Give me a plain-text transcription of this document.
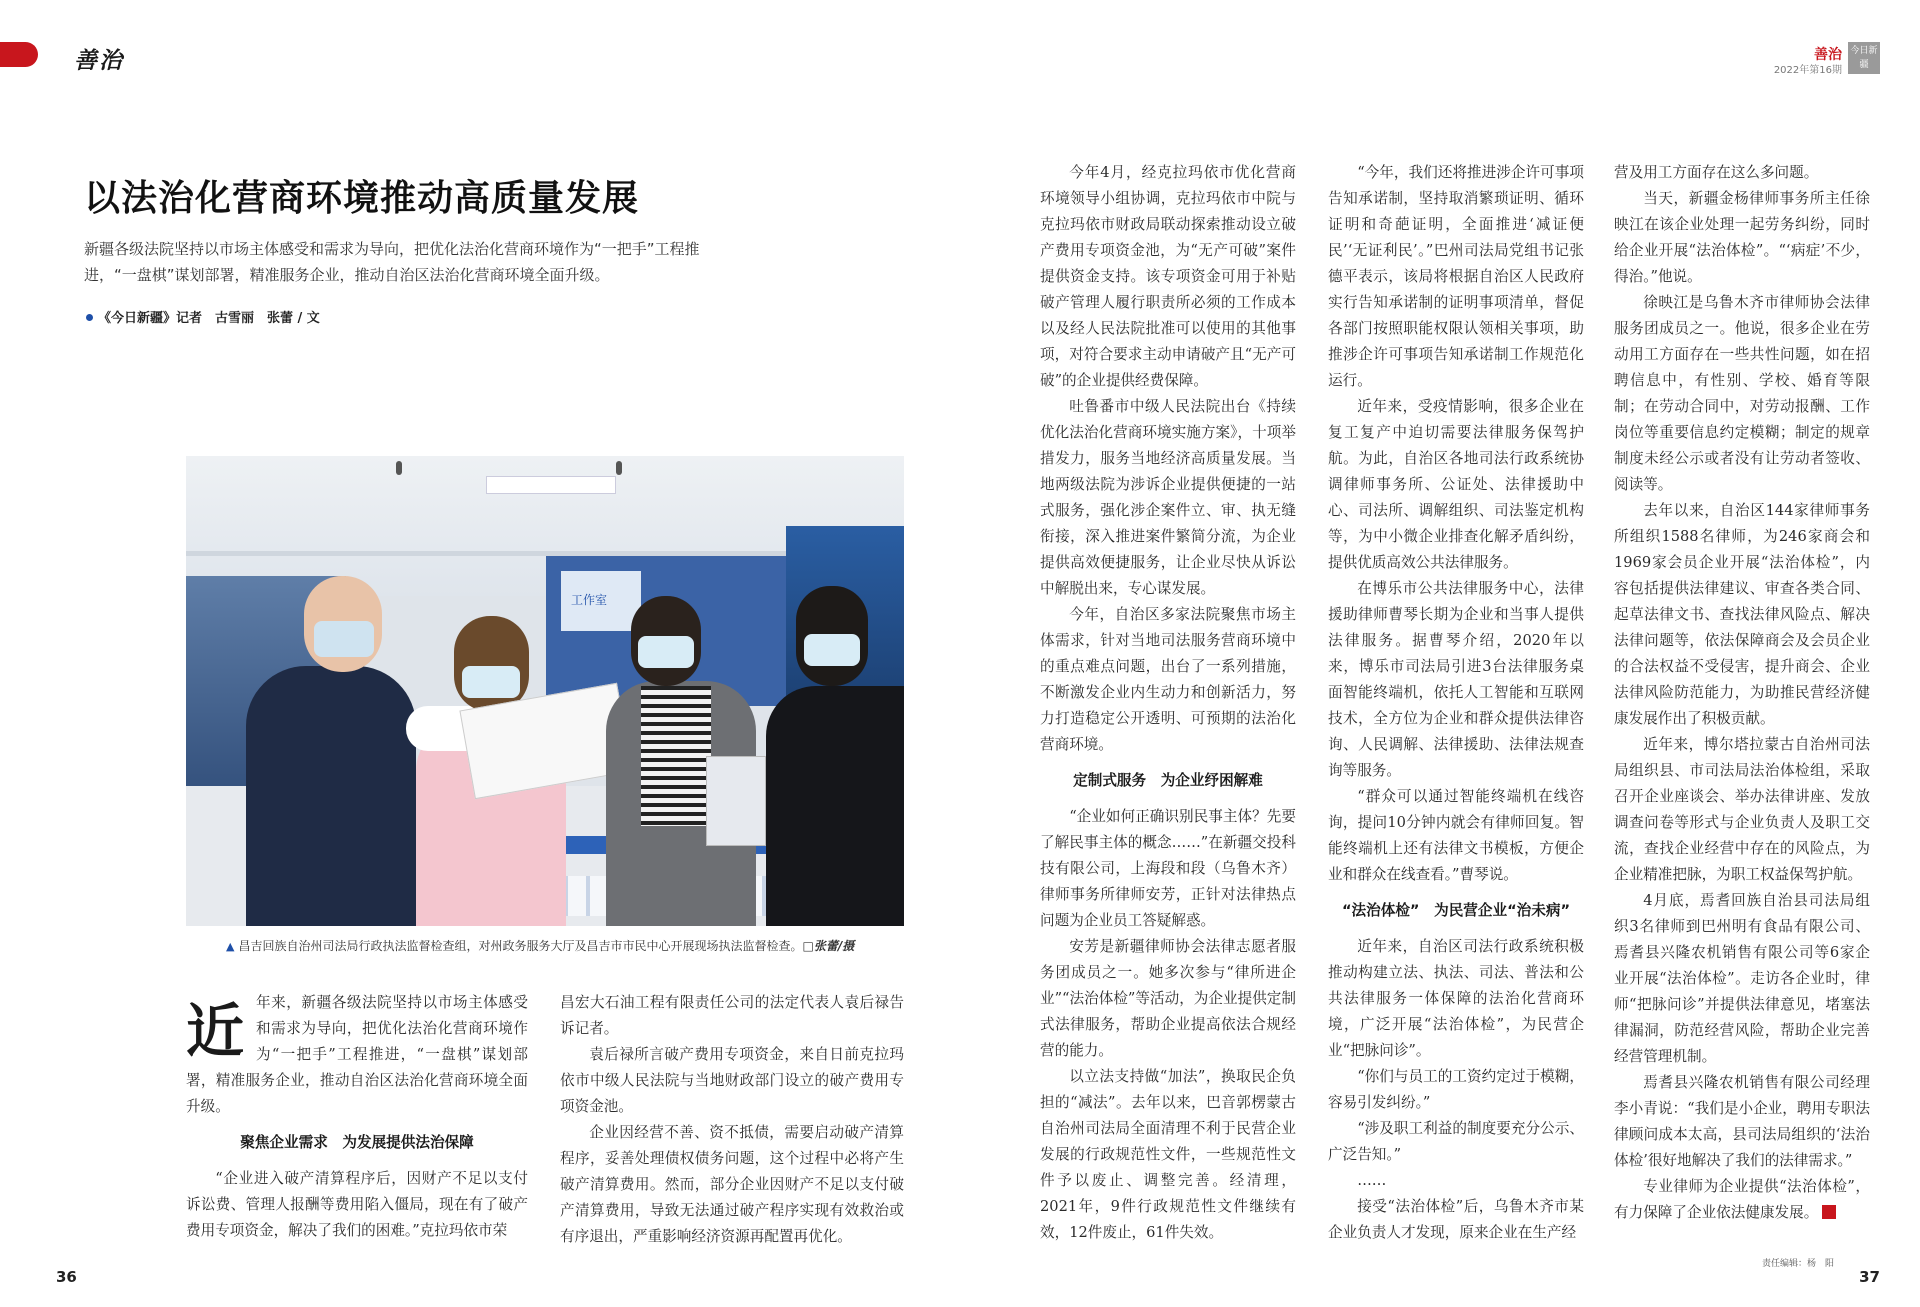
善治	善治
2022年第16期
今日新疆
以法治化营商环境推动高质量发展
新疆各级法院坚持以市场主体感受和需求为导向，把优化法治化营商环境作为“一把手”工程推进，“一盘棋”谋划部署，精准服务企业，推动自治区法治化营商环境全面升级。
《今日新疆》记者　古雪丽　张蕾 / 文
工作室
▲ 昌吉回族自治州司法局行政执法监督检查组，对州政务服务大厅及昌吉市市民中心开展现场执法监督检查。□张蕾/摄

近年来，新疆各级法院坚持以市场主体感受和需求为导向，把优化法治化营商环境作为“一把手”工程推进，“一盘棋”谋划部署，精准服务企业，推动自治区法治化营商环境全面升级。

聚焦企业需求　为发展提供法治保障

“企业进入破产清算程序后，因财产不足以支付诉讼费、管理人报酬等费用陷入僵局，现在有了破产费用专项资金，解决了我们的困难。”克拉玛依市荣

昌宏大石油工程有限责任公司的法定代表人袁后禄告诉记者。

袁后禄所言破产费用专项资金，来自日前克拉玛依市中级人民法院与当地财政部门设立的破产费用专项资金池。

企业因经营不善、资不抵债，需要启动破产清算程序，妥善处理债权债务问题，这个过程中必将产生破产清算费用。然而，部分企业因财产不足以支付破产清算费用，导致无法通过破产程序实现有效救治或有序退出，严重影响经济资源再配置再优化。

今年4月，经克拉玛依市优化营商环境领导小组协调，克拉玛依市中院与克拉玛依市财政局联动探索推动设立破产费用专项资金池，为“无产可破”案件提供资金支持。该专项资金可用于补贴破产管理人履行职责所必须的工作成本以及经人民法院批准可以使用的其他事项，对符合要求主动申请破产且“无产可破”的企业提供经费保障。

吐鲁番市中级人民法院出台《持续优化法治化营商环境实施方案》，十项举措发力，服务当地经济高质量发展。当地两级法院为涉诉企业提供便捷的一站式服务，强化涉企案件立、审、执无缝衔接，深入推进案件繁简分流，为企业提供高效便捷服务，让企业尽快从诉讼中解脱出来，专心谋发展。

今年，自治区多家法院聚焦市场主体需求，针对当地司法服务营商环境中的重点难点问题，出台了一系列措施，不断激发企业内生动力和创新活力，努力打造稳定公开透明、可预期的法治化营商环境。

定制式服务　为企业纾困解难

“企业如何正确识别民事主体？先要了解民事主体的概念……”在新疆交投科技有限公司，上海段和段（乌鲁木齐）律师事务所律师安芳，正针对法律热点问题为企业员工答疑解惑。

安芳是新疆律师协会法律志愿者服务团成员之一。她多次参与“律所进企业”“法治体检”等活动，为企业提供定制式法律服务，帮助企业提高依法合规经营的能力。

以立法支持做“加法”，换取民企负担的“减法”。去年以来，巴音郭楞蒙古自治州司法局全面清理不利于民营企业发展的行政规范性文件，一些规范性文件予以废止、调整完善。经清理，2021年，9件行政规范性文件继续有效，12件废止，61件失效。

“今年，我们还将推进涉企许可事项告知承诺制，坚持取消繁琐证明、循环证明和奇葩证明，全面推进‘减证便民’‘无证利民’。”巴州司法局党组书记张德平表示，该局将根据自治区人民政府实行告知承诺制的证明事项清单，督促各部门按照职能权限认领相关事项，助推涉企许可事项告知承诺制工作规范化运行。

近年来，受疫情影响，很多企业在复工复产中迫切需要法律服务保驾护航。为此，自治区各地司法行政系统协调律师事务所、公证处、法律援助中心、司法所、调解组织、司法鉴定机构等，为中小微企业排查化解矛盾纠纷，提供优质高效公共法律服务。

在博乐市公共法律服务中心，法律援助律师曹琴长期为企业和当事人提供法律服务。据曹琴介绍，2020年以来，博乐市司法局引进3台法律服务桌面智能终端机，依托人工智能和互联网技术，全方位为企业和群众提供法律咨询、人民调解、法律援助、法律法规查询等服务。

“群众可以通过智能终端机在线咨询，提问10分钟内就会有律师回复。智能终端机上还有法律文书模板，方便企业和群众在线查看。”曹琴说。

“法治体检”　为民营企业“治未病”

近年来，自治区司法行政系统积极推动构建立法、执法、司法、普法和公共法律服务一体保障的法治化营商环境，广泛开展“法治体检”，为民营企业“把脉问诊”。

“你们与员工的工资约定过于模糊，容易引发纠纷。”

“涉及职工利益的制度要充分公示、广泛告知。”

……

接受“法治体检”后，乌鲁木齐市某企业负责人才发现，原来企业在生产经

营及用工方面存在这么多问题。

当天，新疆金杨律师事务所主任徐映江在该企业处理一起劳务纠纷，同时给企业开展“法治体检”。“‘病症’不少，得治。”他说。

徐映江是乌鲁木齐市律师协会法律服务团成员之一。他说，很多企业在劳动用工方面存在一些共性问题，如在招聘信息中，有性别、学校、婚育等限制；在劳动合同中，对劳动报酬、工作岗位等重要信息约定模糊；制定的规章制度未经公示或者没有让劳动者签收、阅读等。

去年以来，自治区144家律师事务所组织1588名律师，为246家商会和1969家会员企业开展“法治体检”，内容包括提供法律建议、审查各类合同、起草法律文书、查找法律风险点、解决法律问题等，依法保障商会及会员企业的合法权益不受侵害，提升商会、企业法律风险防范能力，为助推民营经济健康发展作出了积极贡献。

近年来，博尔塔拉蒙古自治州司法局组织县、市司法局法治体检组，采取召开企业座谈会、举办法律讲座、发放调查问卷等形式与企业负责人及职工交流，查找企业经营中存在的风险点，为企业精准把脉，为职工权益保驾护航。

4月底，焉耆回族自治县司法局组织3名律师到巴州明有食品有限公司、焉耆县兴隆农机销售有限公司等6家企业开展“法治体检”。走访各企业时，律师“把脉问诊”并提供法律意见，堵塞法律漏洞，防范经营风险，帮助企业完善经营管理机制。

焉耆县兴隆农机销售有限公司经理李小青说：“我们是小企业，聘用专职法律顾问成本太高，县司法局组织的‘法治体检’很好地解决了我们的法律需求。”

专业律师为企业提供“法治体检”，有力保障了企业依法健康发展。

36	37
责任编辑：杨　阳
